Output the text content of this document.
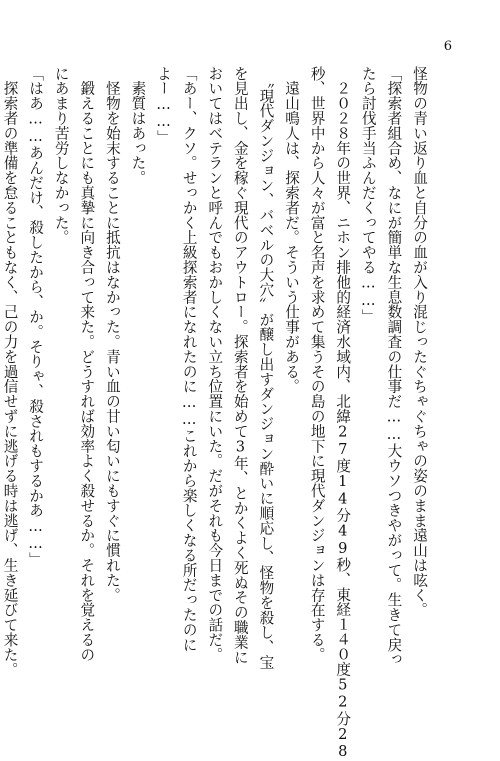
6
怪物の青い返り血と自分の血が入り混じったぐちゃぐちゃの姿のまま遠山は呟く。
「探索者組合め、なにが簡単な生息数調査の仕事だ……大ウソつきやがって。生きて戻っ
たら討伐手当ふんだくってやる……」
　２０２８年の世界、ニホン排他的経済水域内、北緯27度14分49秒、東経１４０度52分28
秒、世界中から人々が富と名声を求めて集うその島の地下に現代ダンジョンは存在する。
　遠山鳴人は、探索者だ。そういう仕事がある。
　〝現代ダンジョン、バベルの大穴〟が醸し出すダンジョン酔いに順応し、怪物を殺し、宝
を見出し、金を稼ぐ現代のアウトロー。探索者を始めて3年、とかくよく死ぬその職業に
おいてはベテランと呼んでもおかしくない立ち位置にいた。だがそれも今日までの話だ。
「あー、クソ。せっかく上級探索者になれたのに……これから楽しくなる所だったのに
よー……」
　素質はあった。
　怪物を始末することに抵抗はなかった。青い血の甘い匂いにもすぐに慣れた。
　鍛えることにも真摯に向き合って来た。どうすれば効率よく殺せるか。それを覚えるの
にあまり苦労しなかった。
「はあ……あんだけ、殺したから、か。そりゃ、殺されもするかあ……」
　探索者の準備を怠ることもなく、己の力を過信せずに逃げる時は逃げ、生き延びて来た。
